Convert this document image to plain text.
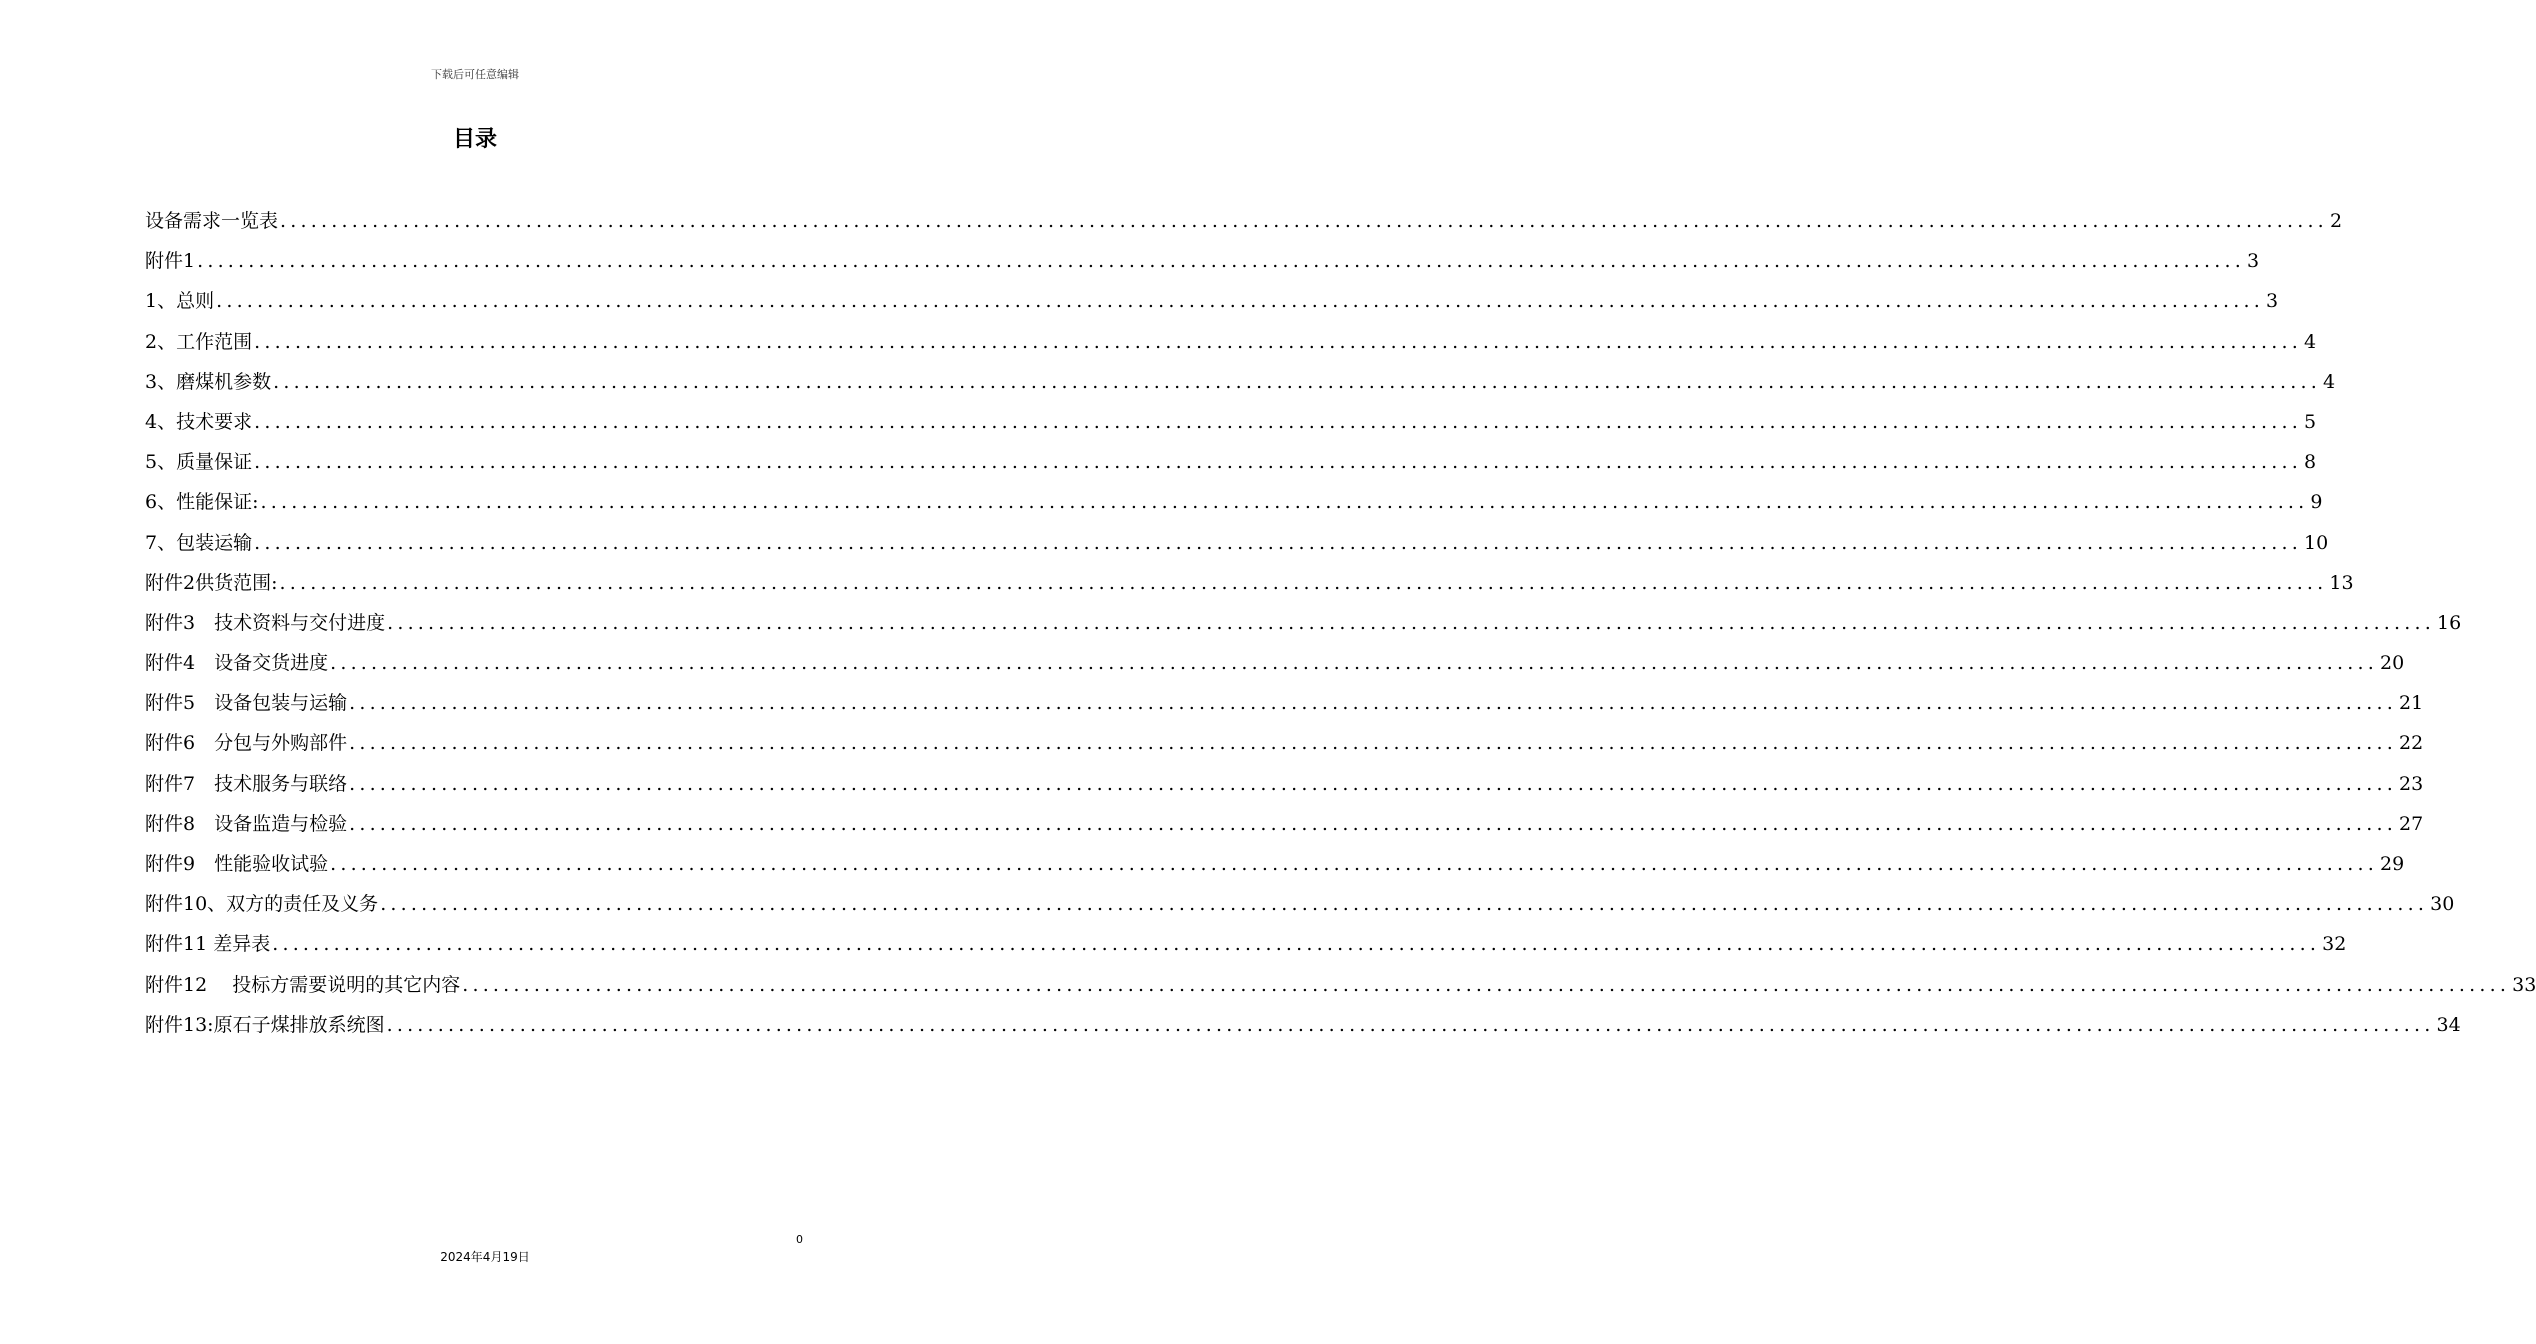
下载后可任意编辑
目录
设备需求一览表 ........................................................................................................................................................................................................ 2
附件1 ........................................................................................................................................................................................................ 3
1、总则 ........................................................................................................................................................................................................ 3
2、工作范围 ........................................................................................................................................................................................................ 4
3、磨煤机参数 ........................................................................................................................................................................................................ 4
4、技术要求 ........................................................................................................................................................................................................ 5
5、质量保证 ........................................................................................................................................................................................................ 8
6、性能保证: ........................................................................................................................................................................................................ 9
7、包装运输 ........................................................................................................................................................................................................ 10
附件2供货范围: ........................................................................................................................................................................................................ 13
附件3　技术资料与交付进度 ........................................................................................................................................................................................................ 16
附件4　设备交货进度 ........................................................................................................................................................................................................ 20
附件5　设备包装与运输 ........................................................................................................................................................................................................ 21
附件6　分包与外购部件 ........................................................................................................................................................................................................ 22
附件7　技术服务与联络 ........................................................................................................................................................................................................ 23
附件8　设备监造与检验 ........................................................................................................................................................................................................ 27
附件9　性能验收试验 ........................................................................................................................................................................................................ 29
附件10、双方的责任及义务 ........................................................................................................................................................................................................ 30
附件11 差异表 ........................................................................................................................................................................................................ 32
附件12　 投标方需要说明的其它内容 ........................................................................................................................................................................................................ 33
附件13:原石子煤排放系统图 ........................................................................................................................................................................................................ 34
0
2024年4月19日
